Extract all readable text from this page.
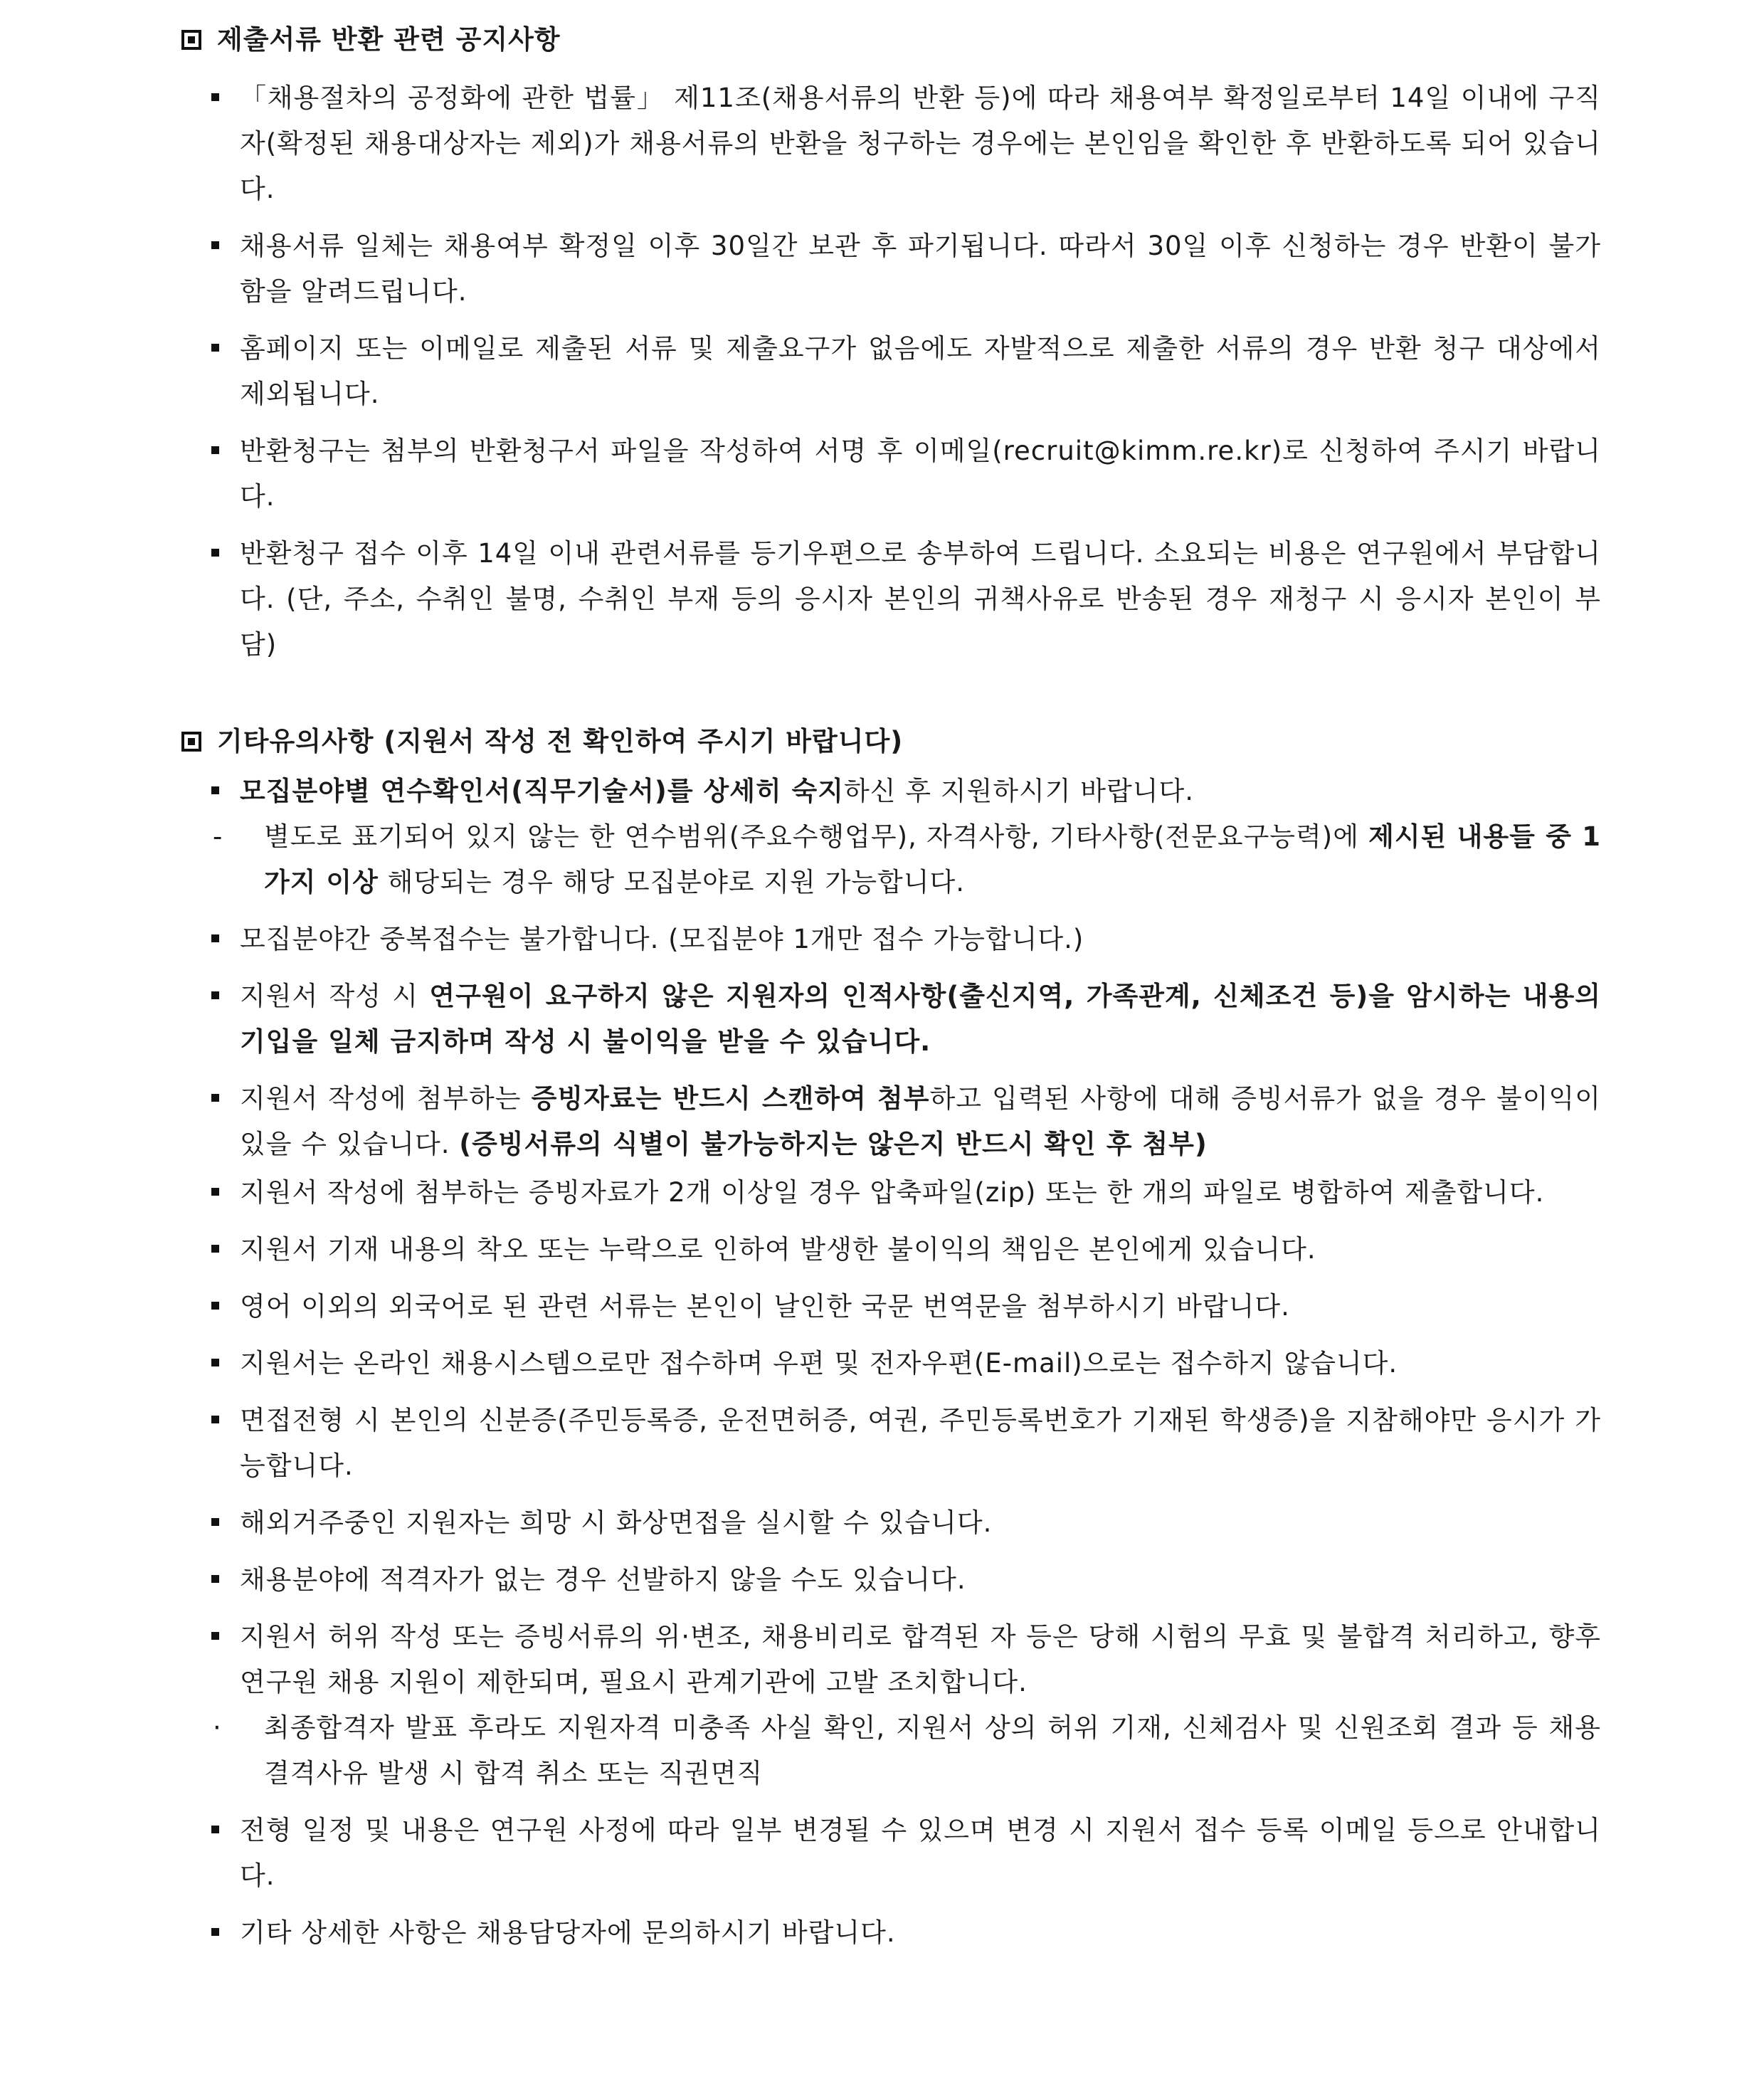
제출서류 반환 관련 공지사항
「채용절차의 공정화에 관한 법률」 제11조(채용서류의 반환 등)에 따라 채용여부 확정일로부터 14일 이내에 구직자(확정된 채용대상자는 제외)가 채용서류의 반환을 청구하는 경우에는 본인임을 확인한 후 반환하도록 되어 있습니다.
채용서류 일체는 채용여부 확정일 이후 30일간 보관 후 파기됩니다. 따라서 30일 이후 신청하는 경우 반환이 불가함을 알려드립니다.
홈페이지 또는 이메일로 제출된 서류 및 제출요구가 없음에도 자발적으로 제출한 서류의 경우 반환 청구 대상에서 제외됩니다.
반환청구는 첨부의 반환청구서 파일을 작성하여 서명 후 이메일(recruit@kimm.re.kr)로 신청하여 주시기 바랍니다.
반환청구 접수 이후 14일 이내 관련서류를 등기우편으로 송부하여 드립니다. 소요되는 비용은 연구원에서 부담합니다. (단, 주소, 수취인 불명, 수취인 부재 등의 응시자 본인의 귀책사유로 반송된 경우 재청구 시 응시자 본인이 부담)
기타유의사항 (지원서 작성 전 확인하여 주시기 바랍니다)
모집분야별 연수확인서(직무기술서)를 상세히 숙지하신 후 지원하시기 바랍니다.
- 별도로 표기되어 있지 않는 한 연수범위(주요수행업무), 자격사항, 기타사항(전문요구능력)에 제시된 내용들 중 1가지 이상 해당되는 경우 해당 모집분야로 지원 가능합니다.
모집분야간 중복접수는 불가합니다. (모집분야 1개만 접수 가능합니다.)
지원서 작성 시 연구원이 요구하지 않은 지원자의 인적사항(출신지역, 가족관계, 신체조건 등)을 암시하는 내용의 기입을 일체 금지하며 작성 시 불이익을 받을 수 있습니다.
지원서 작성에 첨부하는 증빙자료는 반드시 스캔하여 첨부하고 입력된 사항에 대해 증빙서류가 없을 경우 불이익이 있을 수 있습니다. (증빙서류의 식별이 불가능하지는 않은지 반드시 확인 후 첨부)
지원서 작성에 첨부하는 증빙자료가 2개 이상일 경우 압축파일(zip) 또는 한 개의 파일로 병합하여 제출합니다.
지원서 기재 내용의 착오 또는 누락으로 인하여 발생한 불이익의 책임은 본인에게 있습니다.
영어 이외의 외국어로 된 관련 서류는 본인이 날인한 국문 번역문을 첨부하시기 바랍니다.
지원서는 온라인 채용시스템으로만 접수하며 우편 및 전자우편(E-mail)으로는 접수하지 않습니다.
면접전형 시 본인의 신분증(주민등록증, 운전면허증, 여권, 주민등록번호가 기재된 학생증)을 지참해야만 응시가 가능합니다.
해외거주중인 지원자는 희망 시 화상면접을 실시할 수 있습니다.
채용분야에 적격자가 없는 경우 선발하지 않을 수도 있습니다.
지원서 허위 작성 또는 증빙서류의 위·변조, 채용비리로 합격된 자 등은 당해 시험의 무효 및 불합격 처리하고, 향후 연구원 채용 지원이 제한되며, 필요시 관계기관에 고발 조치합니다.
· 최종합격자 발표 후라도 지원자격 미충족 사실 확인, 지원서 상의 허위 기재, 신체검사 및 신원조회 결과 등 채용 결격사유 발생 시 합격 취소 또는 직권면직
전형 일정 및 내용은 연구원 사정에 따라 일부 변경될 수 있으며 변경 시 지원서 접수 등록 이메일 등으로 안내합니다.
기타 상세한 사항은 채용담당자에 문의하시기 바랍니다.
